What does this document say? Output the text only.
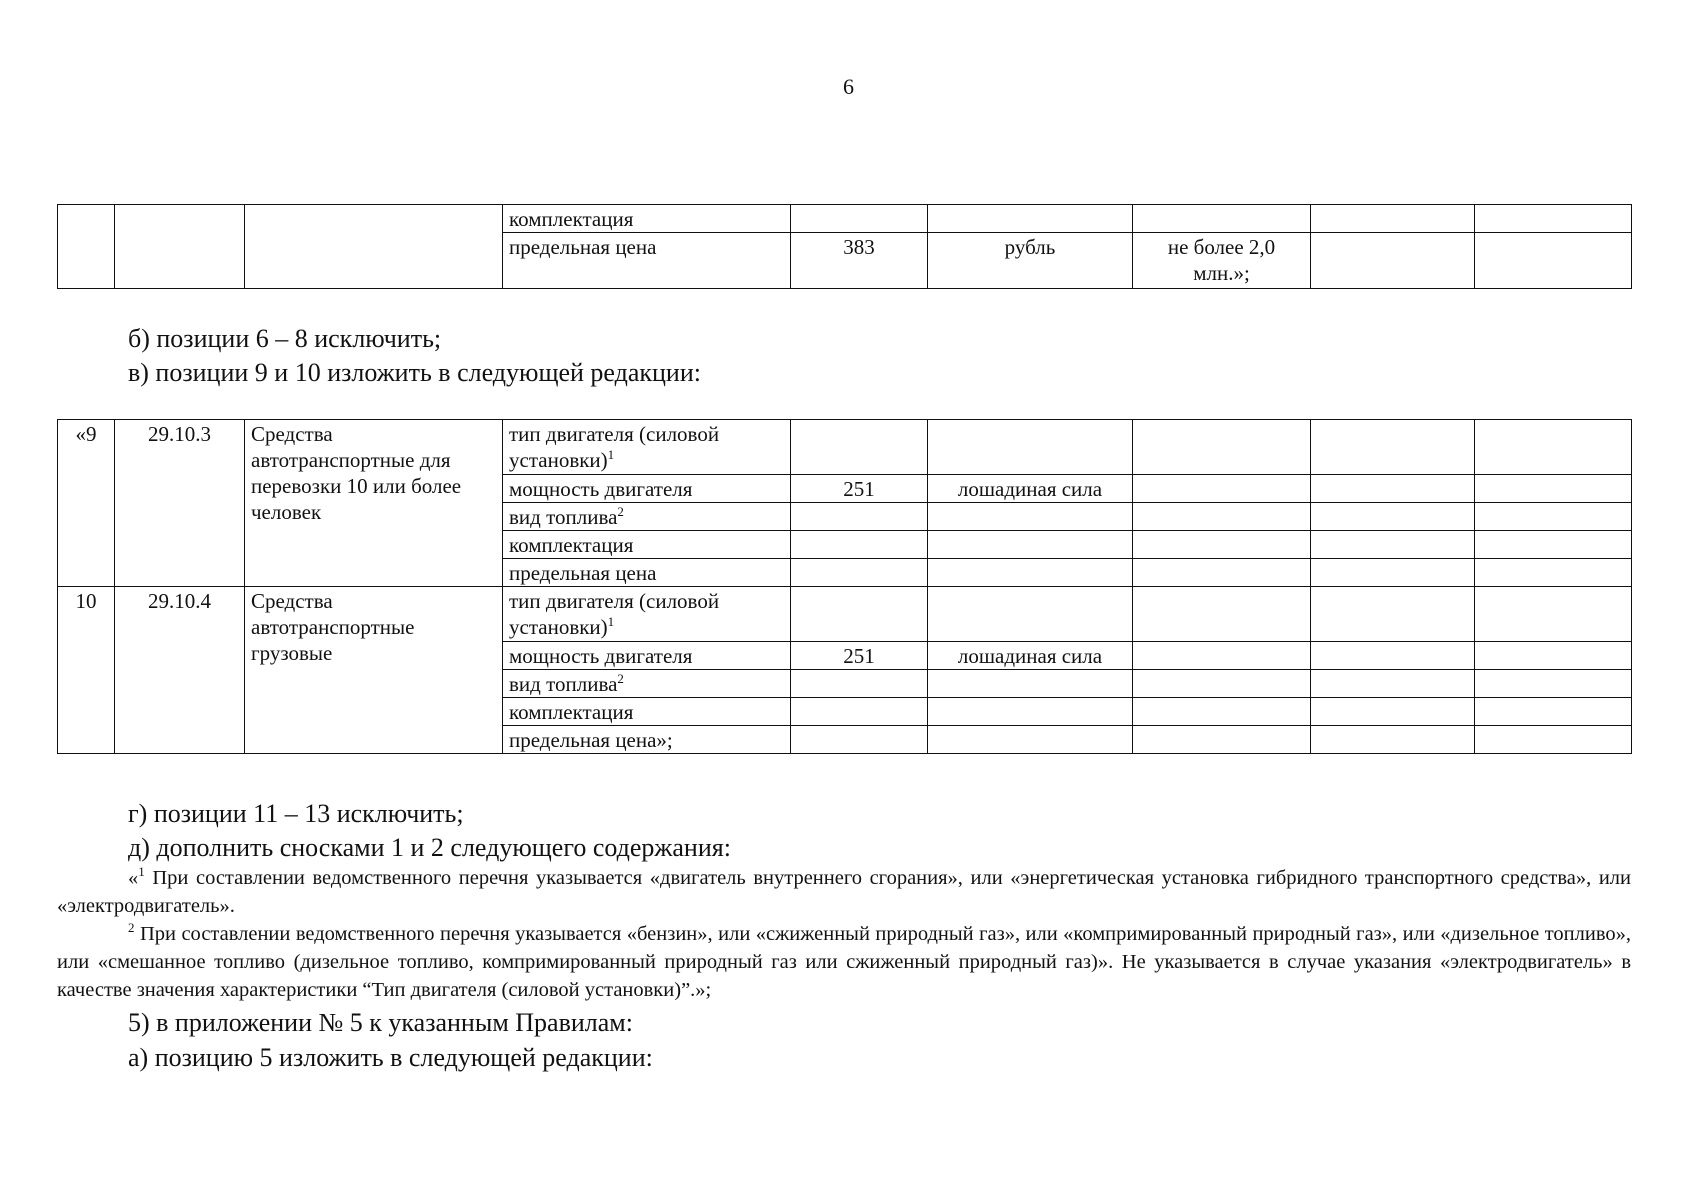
6
			комплектация					
			предельная цена	383	рубль	не более 2,0 млн.»;		
б) позиции 6 – 8 исключить;
в) позиции 9 и 10 изложить в следующей редакции:
«9	29.10.3	Средства автотранспортные для перевозки 10 или более человек	тип двигателя (силовой установки)$^1$					
			мощность двигателя	251	лошадиная сила			
			вид топлива$^2$					
			комплектация					
			предельная цена					
10	29.10.4	Средства автотранспортные грузовые	тип двигателя (силовой установки)$^1$					
			мощность двигателя	251	лошадиная сила			
			вид топлива$^2$					
			комплектация					
			предельная цена»;					
г) позиции 11 – 13 исключить;
д) дополнить сносками 1 и 2 следующего содержания:
«$^1$ При составлении ведомственного перечня указывается «двигатель внутреннего сгорания», или «энергетическая установка гибридного транспортного средства», или «электродвигатель».
$^2$ При составлении ведомственного перечня указывается «бензин», или «сжиженный природный газ», или «компримированный природный газ», или «дизельное топливо», или «смешанное топливо (дизельное топливо, компримированный природный газ или сжиженный природный газ)». Не указывается в случае указания «электродвигатель» в качестве значения характеристики “Тип двигателя (силовой установки)”.»;
5) в приложении № 5 к указанным Правилам:
а) позицию 5 изложить в следующей редакции:
